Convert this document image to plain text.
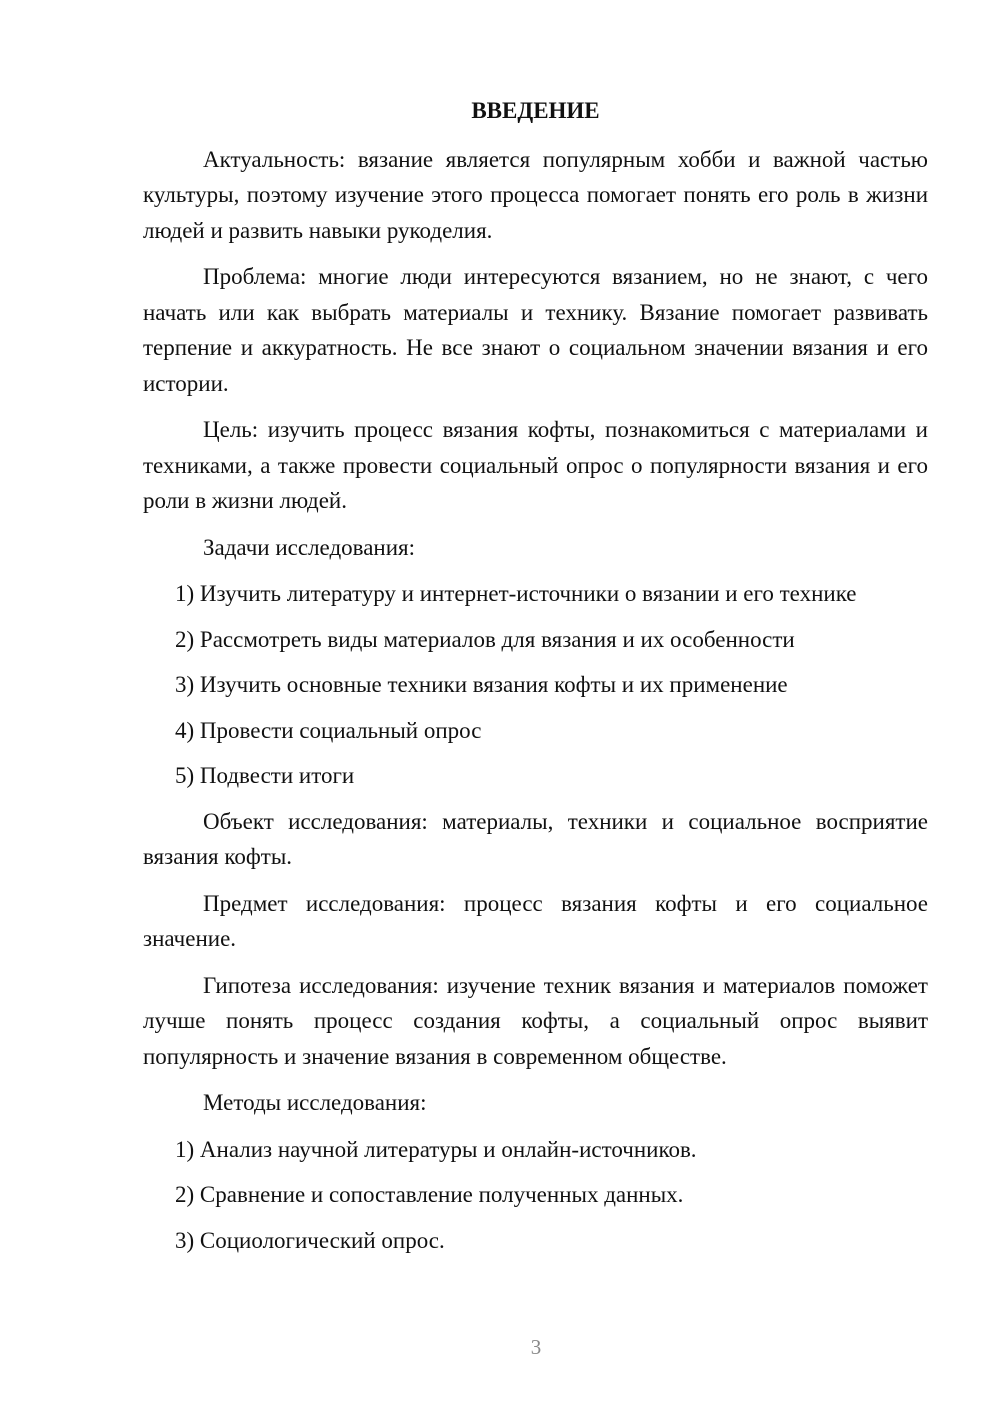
ВВЕДЕНИЕ

Актуальность: вязание является популярным хобби и важной частью культуры, поэтому изучение этого процесса помогает понять его роль в жизни людей и развить навыки рукоделия.

Проблема: многие люди интересуются вязанием, но не знают, с чего начать или как выбрать материалы и технику. Вязание помогает развивать терпение и аккуратность. Не все знают о социальном значении вязания и его истории.

Цель: изучить процесс вязания кофты, познакомиться с материалами и техниками, а также провести социальный опрос о популярности вязания и его роли в жизни людей.

Задачи исследования:

1) Изучить литературу и интернет-источники о вязании и его технике
2) Рассмотреть виды материалов для вязания и их особенности
3) Изучить основные техники вязания кофты и их применение
4) Провести социальный опрос
5) Подвести итоги

Объект исследования: материалы, техники и социальное восприятие вязания кофты.

Предмет исследования: процесс вязания кофты и его социальное значение.

Гипотеза исследования: изучение техник вязания и материалов поможет лучше понять процесс создания кофты, а социальный опрос выявит популярность и значение вязания в современном обществе.

Методы исследования:

1) Анализ научной литературы и онлайн-источников.
2) Сравнение и сопоставление полученных данных.
3) Социологический опрос.
3
